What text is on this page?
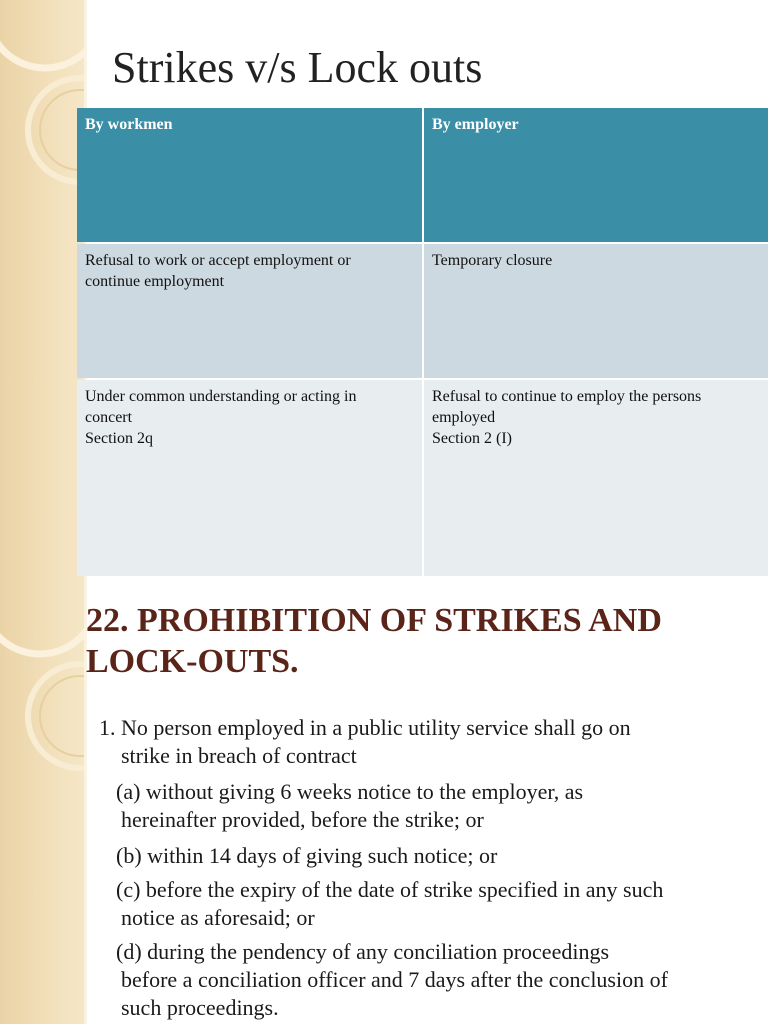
Strikes v/s Lock outs
By workmen	By employer
Refusal to work or accept employment or
continue employment
Temporary closure
Under common understanding or acting in
concert
Section 2q
Refusal to continue to employ the persons
employed
Section 2 (I)
22. PROHIBITION OF STRIKES AND
LOCK-OUTS.
1. No person employed in a public utility service shall go on
strike in breach of contract
(a) without giving 6 weeks notice to the employer, as
hereinafter provided, before the strike; or
(b) within 14 days of giving such notice; or
(c) before the expiry of the date of strike specified in any such
notice as aforesaid; or
(d) during the pendency of any conciliation proceedings
before a conciliation officer and 7 days after the conclusion of
such proceedings.
